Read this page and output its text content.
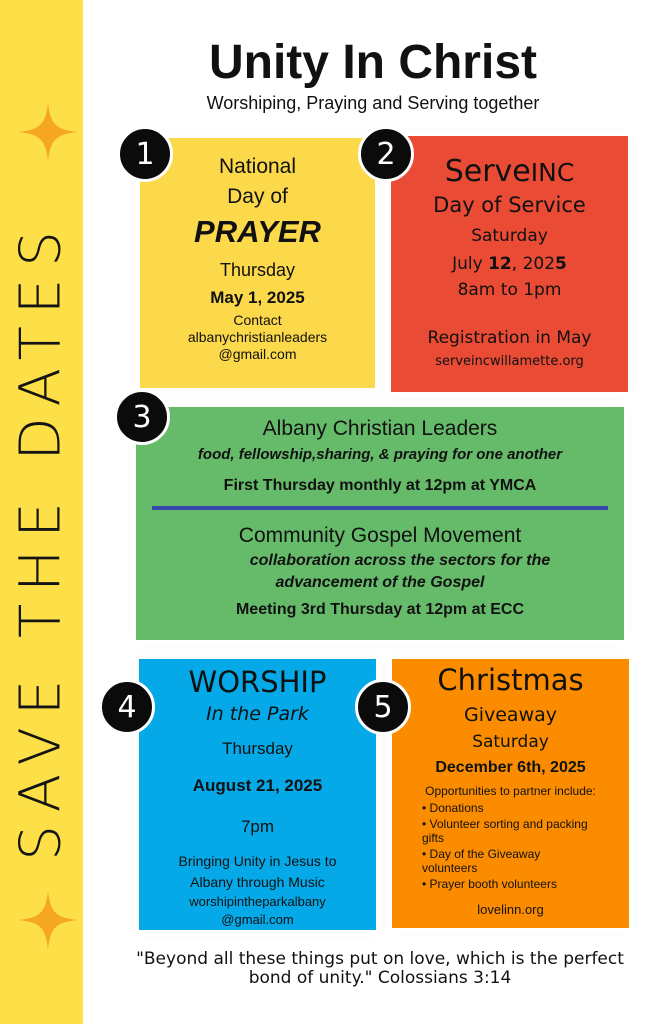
SAVE THE DATES
Unity In Christ
Worshiping, Praying and Serving together
1	National
Day of
PRAYER
Thursday
May 1, 2025
Contact
albanychristianleaders
@gmail.com
2	ServeINC
Day of Service
Saturday
July 12, 2025
8am to 1pm
Registration in May
serveincwillamette.org
3	Albany Christian Leaders
food, fellowship,sharing, & praying for one another
First Thursday monthly at 12pm at YMCA
Community Gospel Movement
collaboration across the sectors for the
advancement of the Gospel
Meeting 3rd Thursday at 12pm at ECC
4
WORSHIP
In the Park
Thursday
August 21, 2025
7pm
Bringing Unity in Jesus to
Albany through Music
worshipintheparkalbany
@gmail.com
5
Christmas
Giveaway
Saturday
December 6th, 2025
Opportunities to partner include:
• Donations
• Volunteer sorting and packing gifts
• Day of the Giveaway volunteers
• Prayer booth volunteers
lovelinn.org
"Beyond all these things put on love, which is the perfect
bond of unity." Colossians 3:14
